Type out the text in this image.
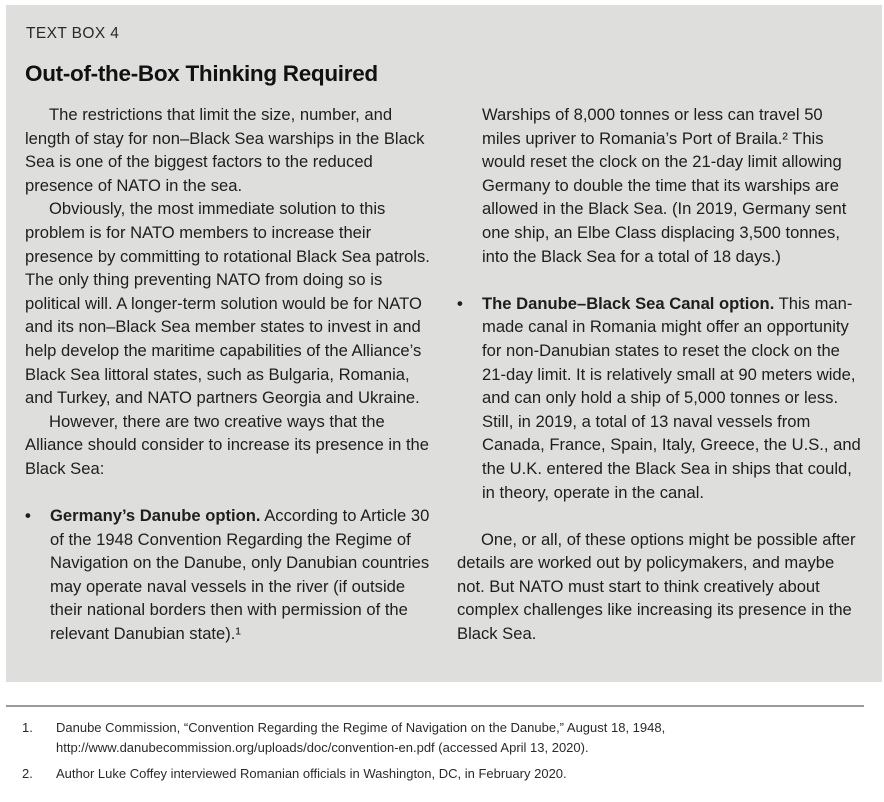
TEXT BOX 4
Out-of-the-Box Thinking Required

The restrictions that limit the size, number, and length of stay for non–Black Sea warships in the Black Sea is one of the biggest factors to the reduced presence of NATO in the sea.

Obviously, the most immediate solution to this problem is for NATO members to increase their presence by committing to rotational Black Sea patrols. The only thing preventing NATO from doing so is political will. A longer-term solution would be for NATO and its non–Black Sea member states to invest in and help develop the maritime capabilities of the Alliance’s Black Sea littoral states, such as Bulgaria, Romania, and Turkey, and NATO partners Georgia and Ukraine.

However, there are two creative ways that the Alliance should consider to increase its presence in the Black Sea:

•	Germany’s Danube option. According to Article 30 of the 1948 Convention Regarding the Regime of Navigation on the Danube, only Danubian countries may operate naval vessels in the river (if outside their national borders then with permission of the relevant Danubian state).¹

Warships of 8,000 tonnes or less can travel 50 miles upriver to Romania’s Port of Braila.² This would reset the clock on the 21-day limit allowing Germany to double the time that its warships are allowed in the Black Sea. (In 2019, Germany sent one ship, an Elbe Class displacing 3,500 tonnes, into the Black Sea for a total of 18 days.)

•	The Danube–Black Sea Canal option. This man-made canal in Romania might offer an opportunity for non-Danubian states to reset the clock on the 21-day limit. It is relatively small at 90 meters wide, and can only hold a ship of 5,000 tonnes or less. Still, in 2019, a total of 13 naval vessels from Canada, France, Spain, Italy, Greece, the U.S., and the U.K. entered the Black Sea in ships that could, in theory, operate in the canal.

One, or all, of these options might be possible after details are worked out by policymakers, and maybe not. But NATO must start to think creatively about complex challenges like increasing its presence in the Black Sea.

1.	Danube Commission, “Convention Regarding the Regime of Navigation on the Danube,” August 18, 1948, http://www.danubecommission.org/uploads/doc/convention-en.pdf (accessed April 13, 2020).
2.	Author Luke Coffey interviewed Romanian officials in Washington, DC, in February 2020.
